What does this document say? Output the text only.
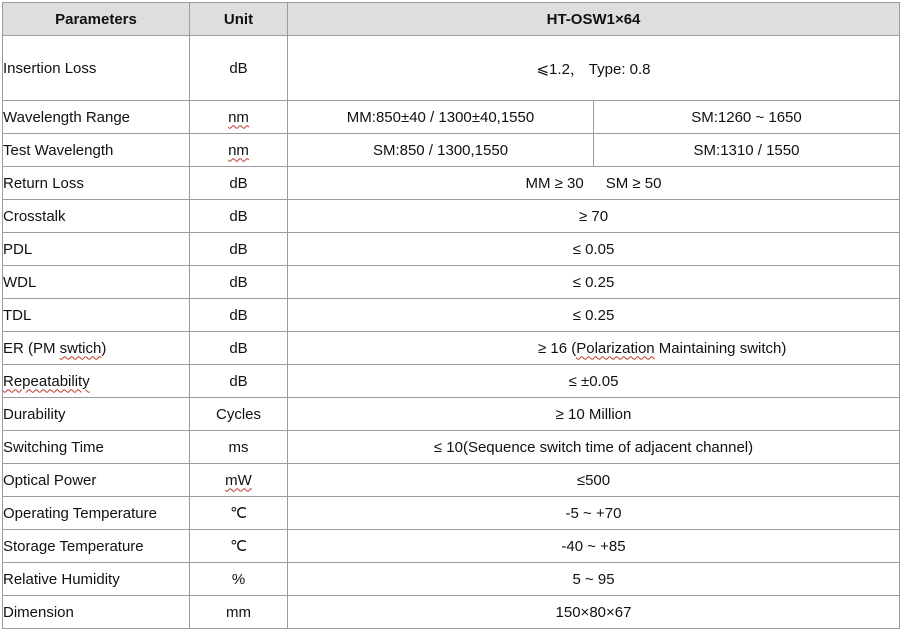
Parameters	Unit	HT-OSW1×64	
Insertion Loss	dB	⩽1.2， Type: 0.8	
Wavelength Range	nm	MM:850±40 / 1300±40,1550	SM:1260 ~ 1650
Test Wavelength	nm	SM:850 / 1300,1550	SM:1310 / 1550
Return Loss	dB	MM ≥ 30 SM ≥ 50	
Crosstalk	dB	≥ 70	
PDL	dB	≤ 0.05	
WDL	dB	≤ 0.25	
TDL	dB	≤ 0.25	
ER (PM swtich)	dB	≥ 16 (Polarization Maintaining switch)	
Repeatability	dB	≤ ±0.05	
Durability	Cycles	≥ 10 Million	
Switching Time	ms	≤ 10(Sequence switch time of adjacent channel)	
Optical Power	mW	≤500	
Operating Temperature	℃	-5 ~ +70	
Storage Temperature	℃	-40 ~ +85	
Relative Humidity	%	5 ~ 95	
Dimension	mm	150×80×67	
